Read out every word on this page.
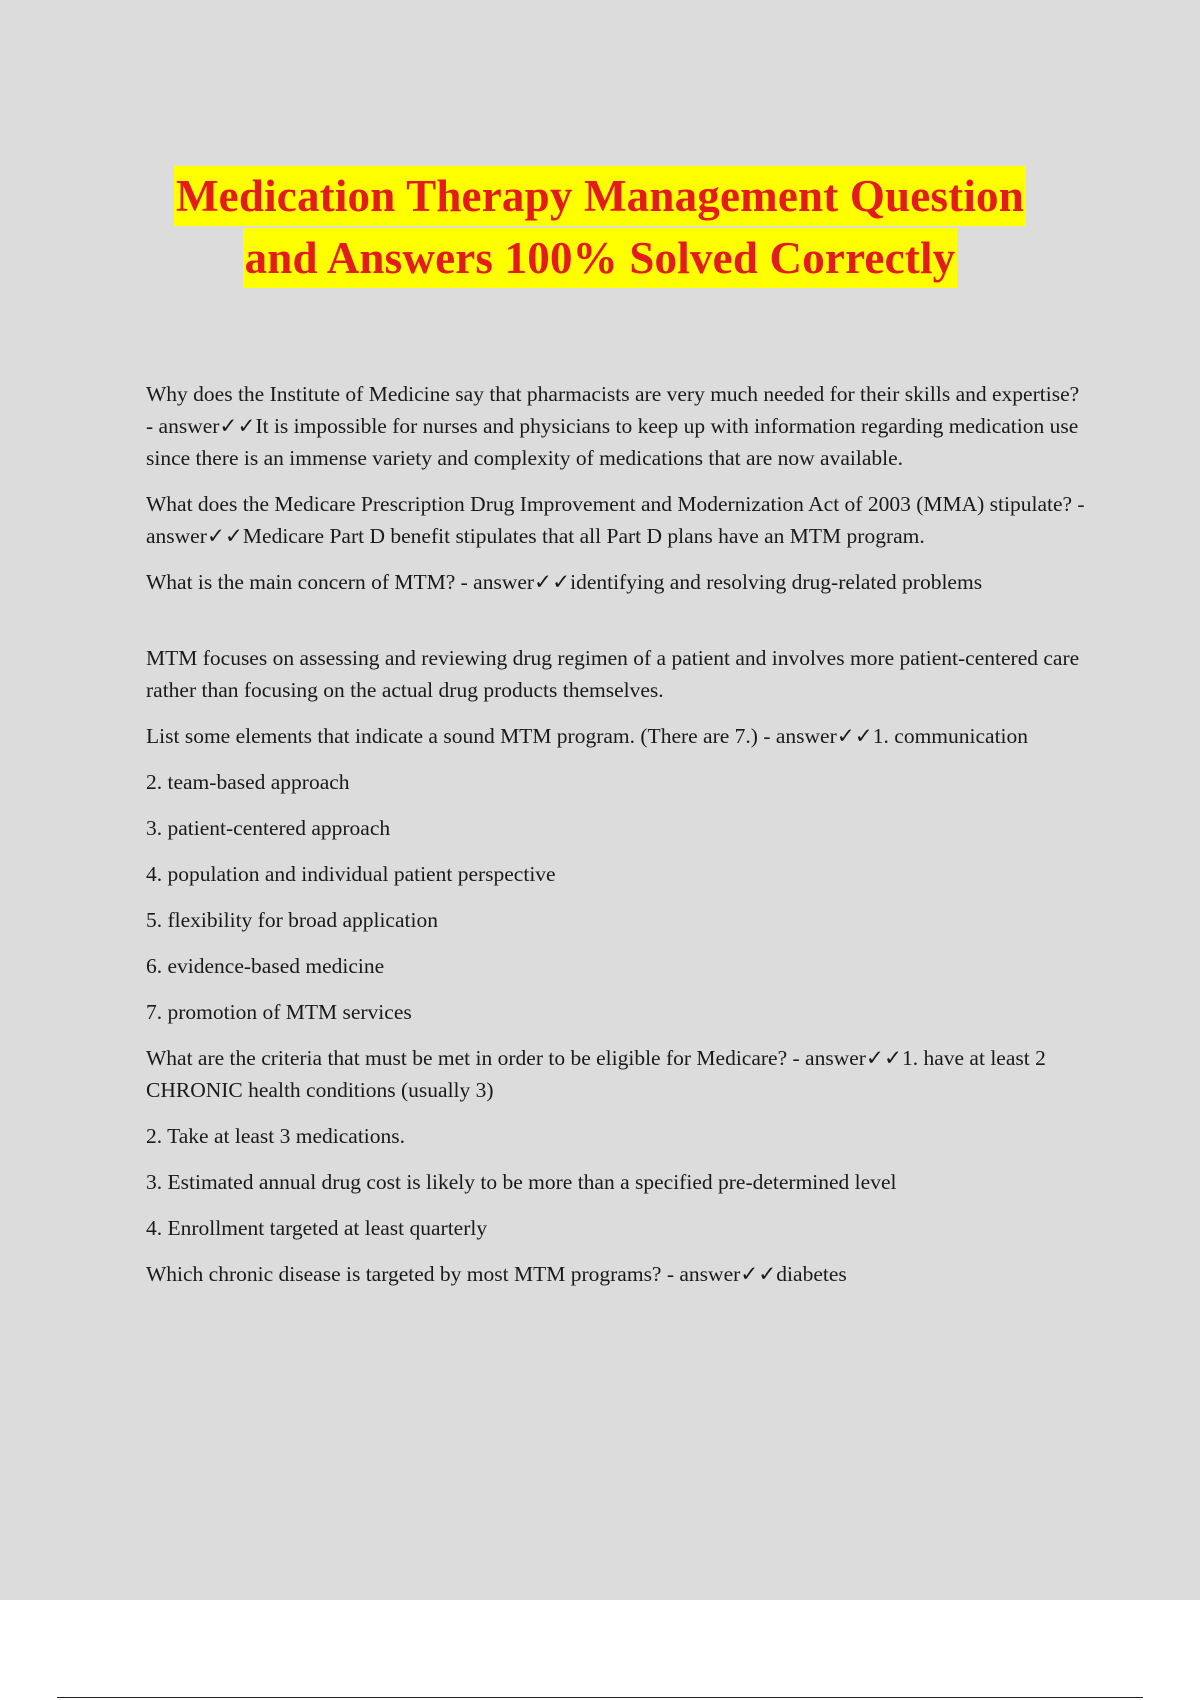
Medication Therapy Management Question
and Answers 100% Solved Correctly

Why does the Institute of Medicine say that pharmacists are very much needed for their skills and expertise? - answer✓✓It is impossible for nurses and physicians to keep up with information regarding medication use since there is an immense variety and complexity of medications that are now available.

What does the Medicare Prescription Drug Improvement and Modernization Act of 2003 (MMA) stipulate? - answer✓✓Medicare Part D benefit stipulates that all Part D plans have an MTM program.

What is the main concern of MTM? - answer✓✓identifying and resolving drug-related problems

MTM focuses on assessing and reviewing drug regimen of a patient and involves more patient-centered care rather than focusing on the actual drug products themselves.

List some elements that indicate a sound MTM program. (There are 7.) - answer✓✓1. communication

2. team-based approach

3. patient-centered approach

4. population and individual patient perspective

5. flexibility for broad application

6. evidence-based medicine

7. promotion of MTM services

What are the criteria that must be met in order to be eligible for Medicare? - answer✓✓1. have at least 2 CHRONIC health conditions (usually 3)

2. Take at least 3 medications.

3. Estimated annual drug cost is likely to be more than a specified pre-determined level

4. Enrollment targeted at least quarterly

Which chronic disease is targeted by most MTM programs? - answer✓✓diabetes
